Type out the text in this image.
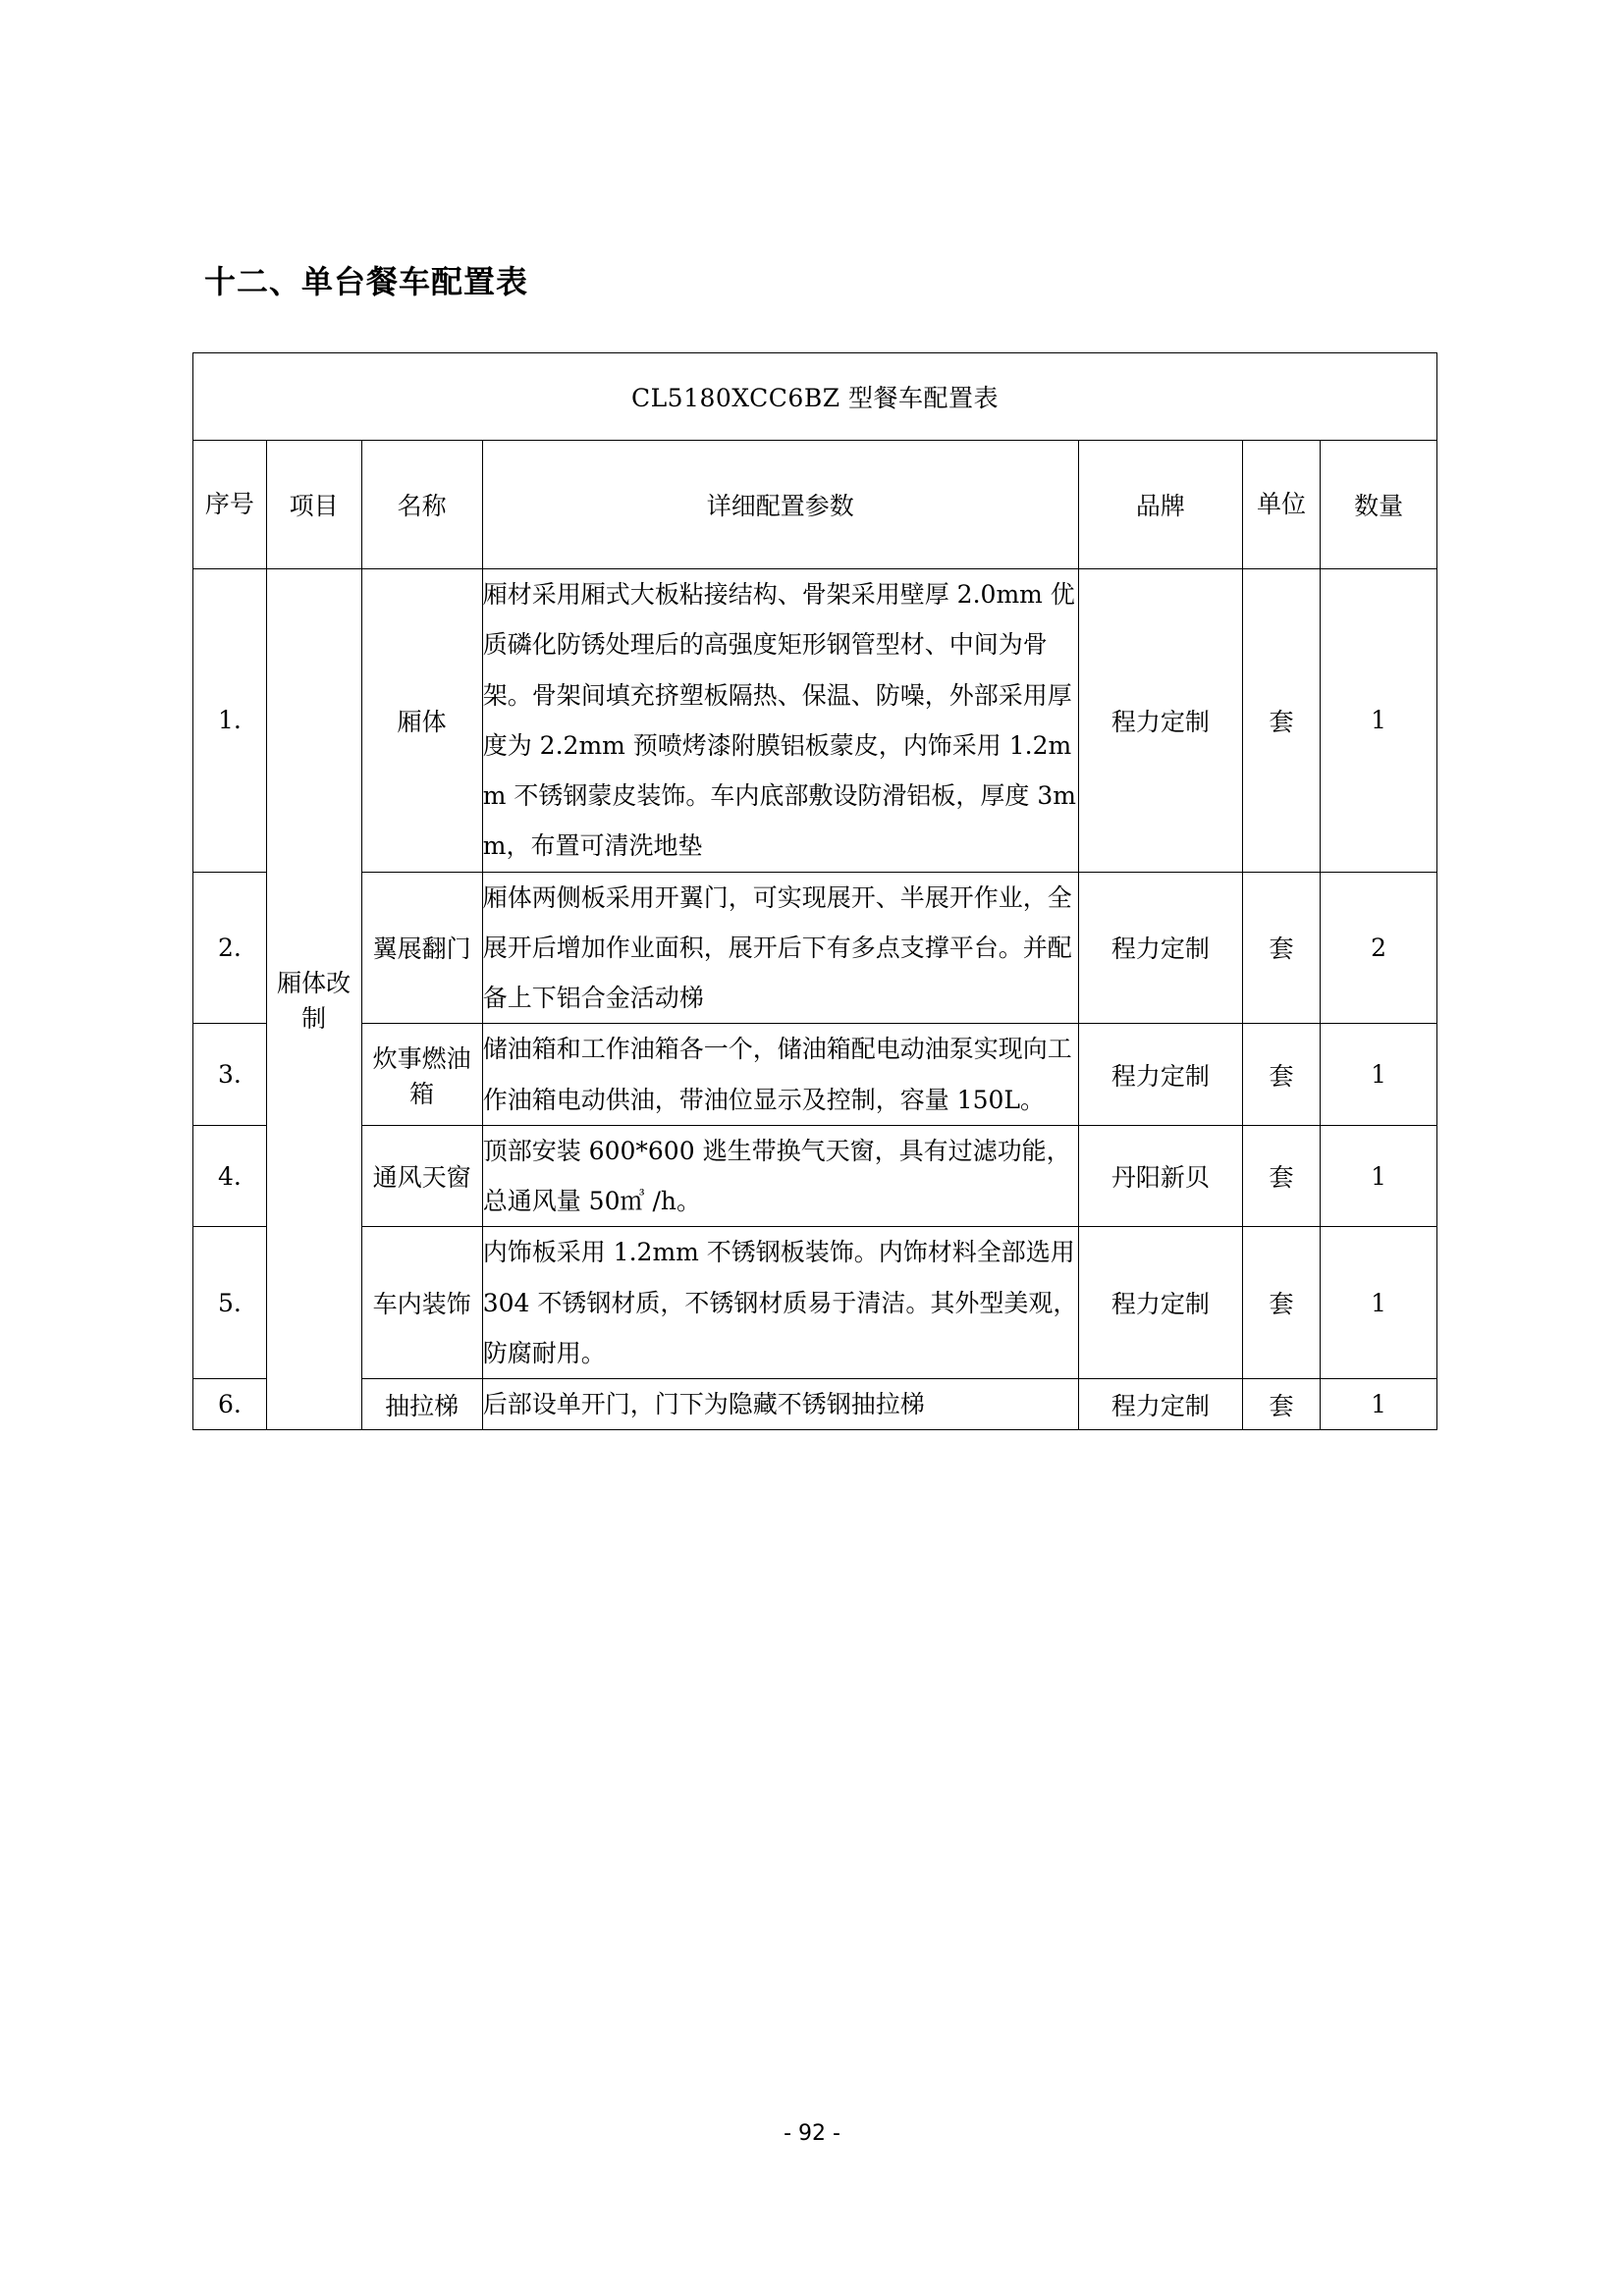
十二、单台餐车配置表
CL5180XCC6BZ 型餐车配置表						
序号	项目	名称	详细配置参数	品牌	单位	数量
1.	厢体改制	厢体	厢材采用厢式大板粘接结构、骨架采用壁厚 2.0mm 优质磷化防锈处理后的高强度矩形钢管型材、中间为骨架。骨架间填充挤塑板隔热、保温、防噪，外部采用厚度为 2.2mm 预喷烤漆附膜铝板蒙皮，内饰采用 1.2mm 不锈钢蒙皮装饰。车内底部敷设防滑铝板，厚度 3mm，布置可清洗地垫	程力定制	套	1
2.		翼展翻门	厢体两侧板采用开翼门，可实现展开、半展开作业，全展开后增加作业面积，展开后下有多点支撑平台。并配备上下铝合金活动梯	程力定制	套	2
3.		炊事燃油箱	储油箱和工作油箱各一个，储油箱配电动油泵实现向工作油箱电动供油，带油位显示及控制，容量 150L。	程力定制	套	1
4.		通风天窗	顶部安装 600*600 逃生带换气天窗，具有过滤功能，总通风量 50㎥ /h。	丹阳新贝	套	1
5.		车内装饰	内饰板采用 1.2mm 不锈钢板装饰。内饰材料全部选用 304 不锈钢材质，不锈钢材质易于清洁。其外型美观，防腐耐用。	程力定制	套	1
6.		抽拉梯	后部设单开门，门下为隐藏不锈钢抽拉梯	程力定制	套	1
- 92 -
